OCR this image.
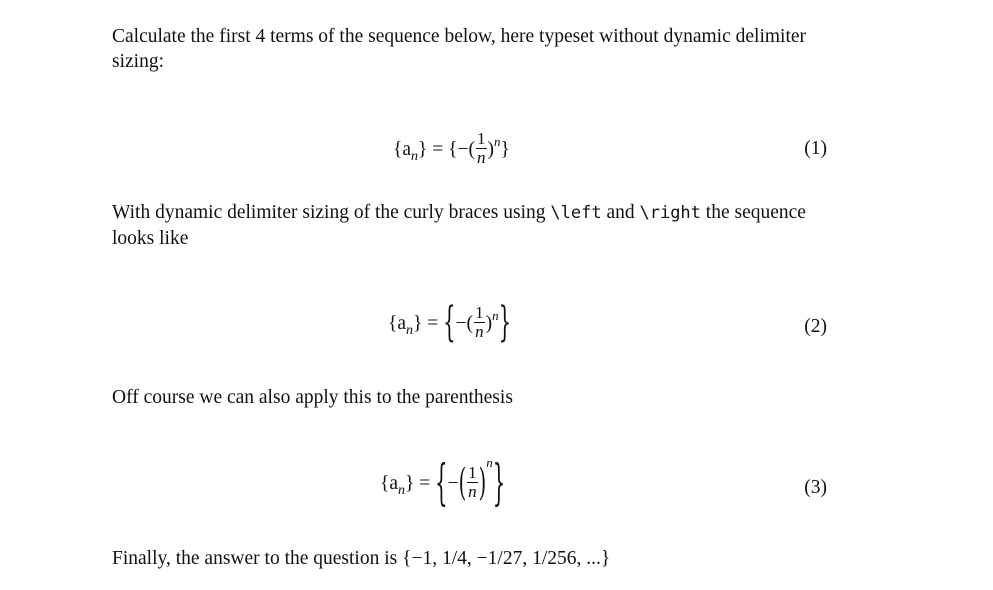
Calculate the first 4 terms of the sequence below, here typeset without dynamic delimiter sizing:

$\{a_n\}$ = {−( $\frac{1}{n} )^n$}	(1)

With dynamic delimiter sizing of the curly braces using \left and \right the sequence looks like

$\{a_n\}$ = {−( $\frac{1}{n} )^n$}	(2)

Off course we can also apply this to the parenthesis

$\{a_n\}$ = {−( $\frac{1}{n} )^n$}	(3)

Finally, the answer to the question is {−1, 1/4, −1/27, 1/256, ...}
